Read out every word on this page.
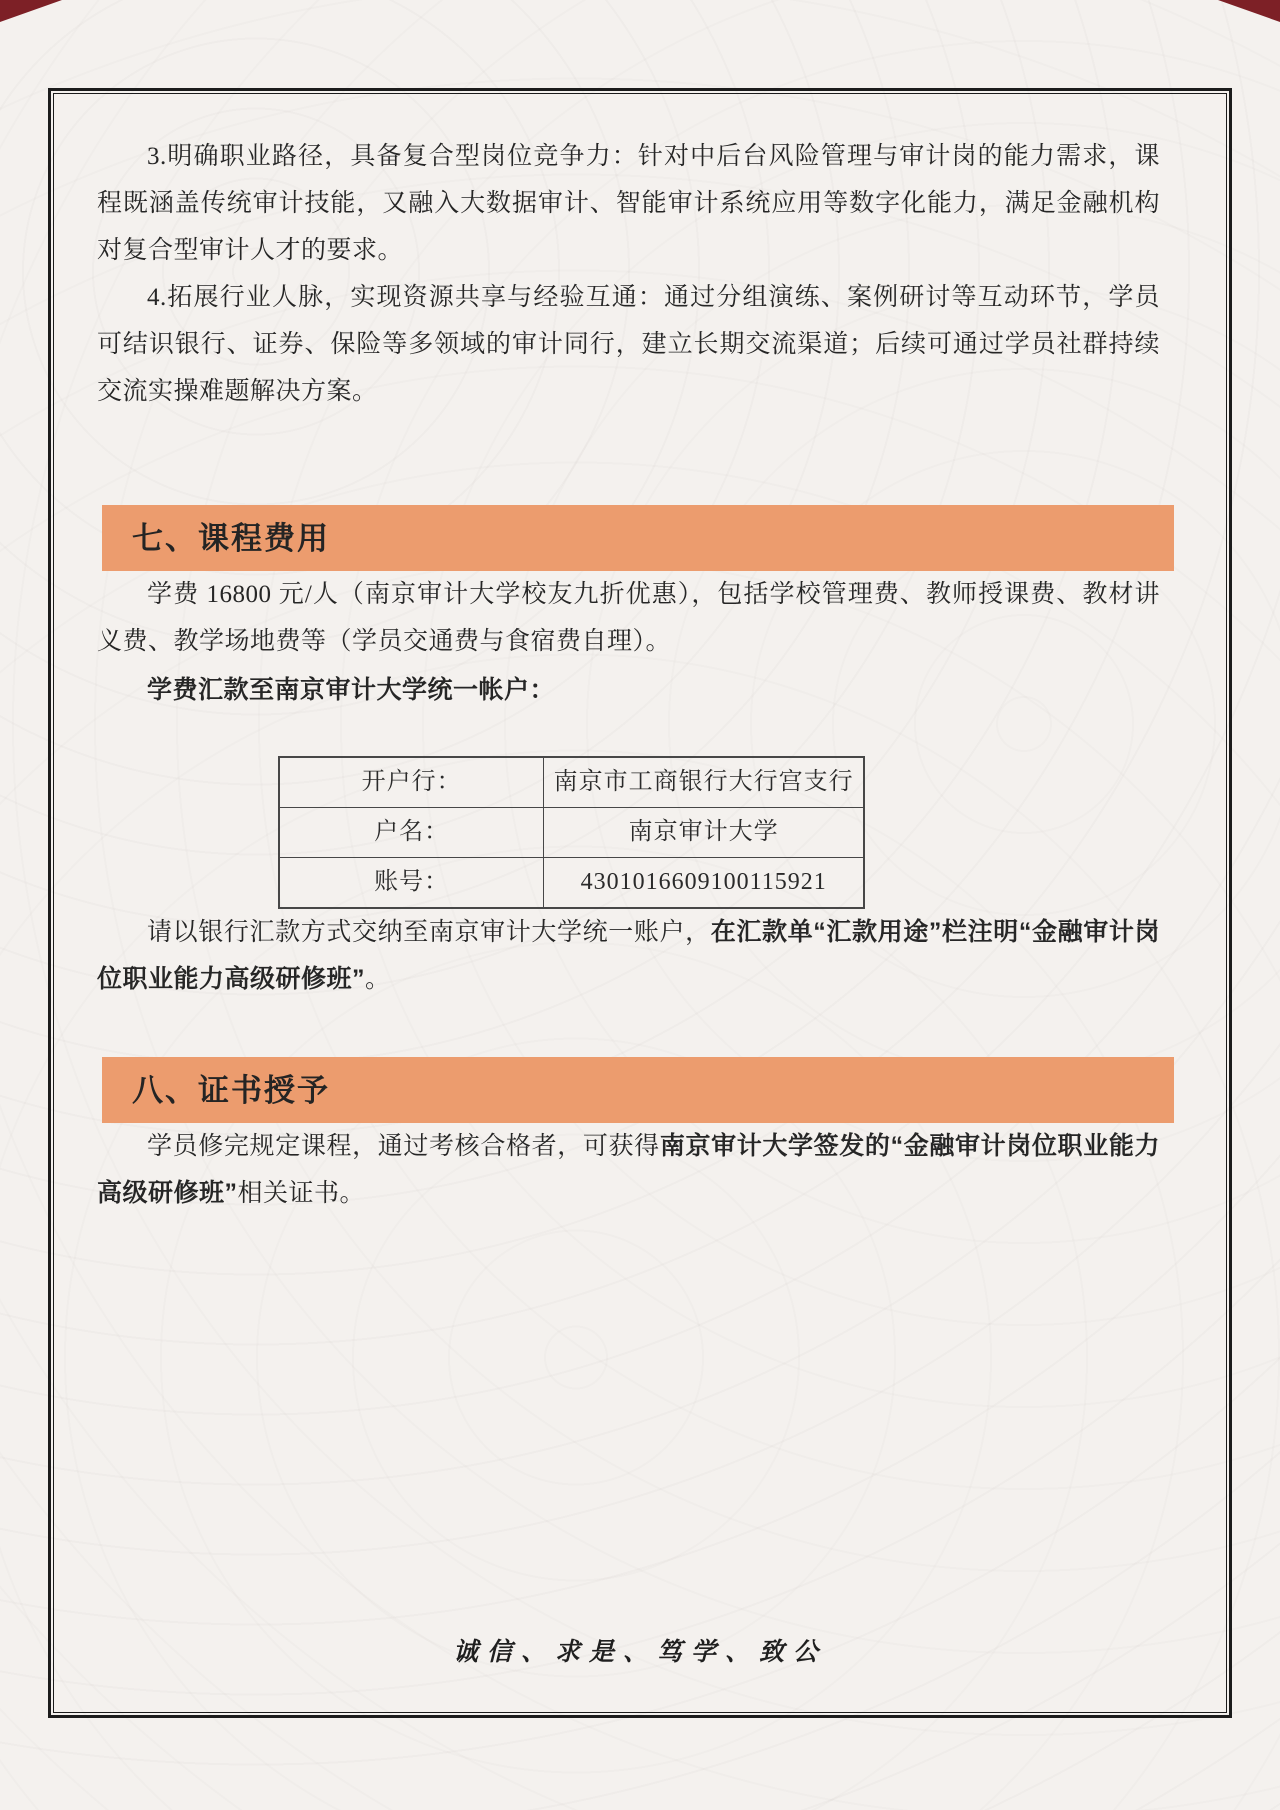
3.明确职业路径，具备复合型岗位竞争力：针对中后台风险管理与审计岗的能力需求，课程既涵盖传统审计技能，又融入大数据审计、智能审计系统应用等数字化能力，满足金融机构对复合型审计人才的要求。

4.拓展行业人脉，实现资源共享与经验互通：通过分组演练、案例研讨等互动环节，学员可结识银行、证券、保险等多领域的审计同行，建立长期交流渠道；后续可通过学员社群持续交流实操难题解决方案。

七、课程费用

学费 16800 元/人（南京审计大学校友九折优惠），包括学校管理费、教师授课费、教材讲义费、教学场地费等（学员交通费与食宿费自理）。

学费汇款至南京审计大学统一帐户：

开户行：	南京市工商银行大行宫支行
户名：	南京审计大学
账号：	4301016609100115921

请以银行汇款方式交纳至南京审计大学统一账户，在汇款单“汇款用途”栏注明“金融审计岗位职业能力高级研修班”。

八、证书授予

学员修完规定课程，通过考核合格者，可获得南京审计大学签发的“金融审计岗位职业能力高级研修班”相关证书。

诚信、求是、笃学、致公
